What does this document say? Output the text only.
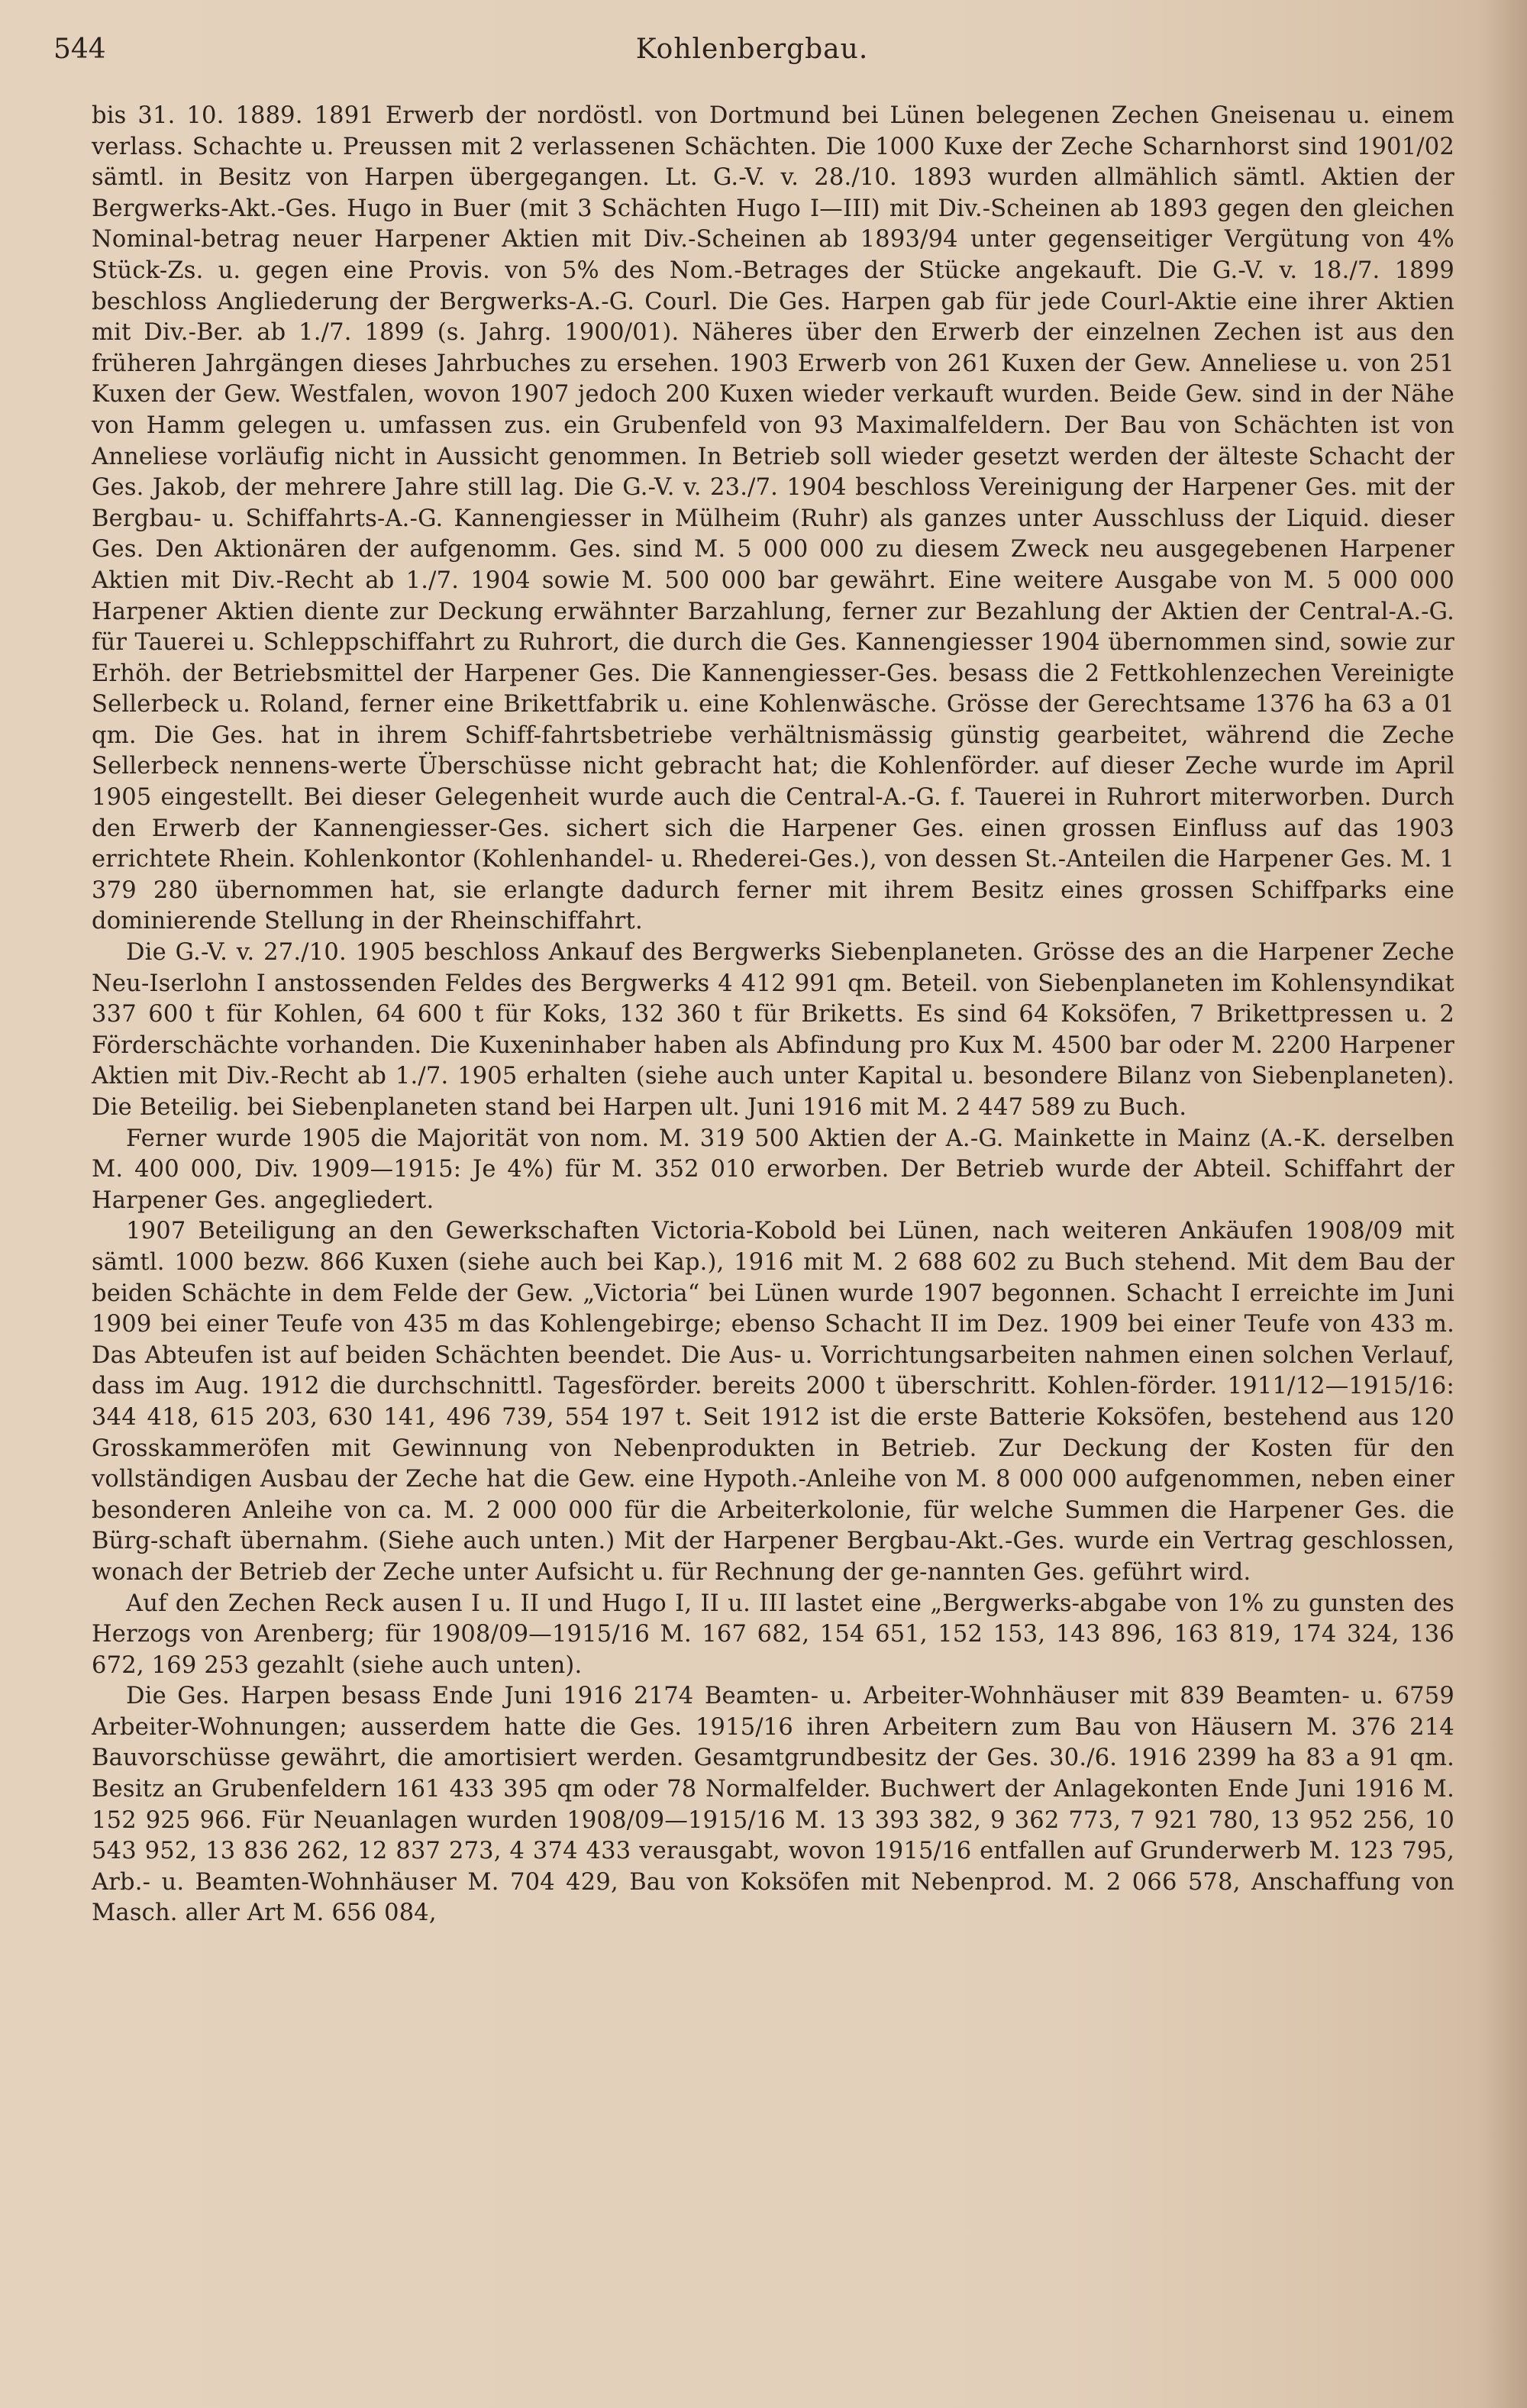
544	Kohlenbergbau.

bis 31. 10. 1889. 1891 Erwerb der nordöstl. von Dortmund bei Lünen belegenen Zechen Gneisenau u. einem verlass. Schachte u. Preussen mit 2 verlassenen Schächten. Die 1000 Kuxe der Zeche Scharnhorst sind 1901/02 sämtl. in Besitz von Harpen übergegangen. Lt. G.-V. v. 28./10. 1893 wurden allmählich sämtl. Aktien der Bergwerks-Akt.-Ges. Hugo in Buer (mit 3 Schächten Hugo I—III) mit Div.-Scheinen ab 1893 gegen den gleichen Nominal-betrag neuer Harpener Aktien mit Div.-Scheinen ab 1893/94 unter gegenseitiger Vergütung von 4% Stück-Zs. u. gegen eine Provis. von 5% des Nom.-Betrages der Stücke angekauft. Die G.-V. v. 18./7. 1899 beschloss Angliederung der Bergwerks-A.-G. Courl. Die Ges. Harpen gab für jede Courl-Aktie eine ihrer Aktien mit Div.-Ber. ab 1./7. 1899 (s. Jahrg. 1900/01). Näheres über den Erwerb der einzelnen Zechen ist aus den früheren Jahrgängen dieses Jahrbuches zu ersehen. 1903 Erwerb von 261 Kuxen der Gew. Anneliese u. von 251 Kuxen der Gew. Westfalen, wovon 1907 jedoch 200 Kuxen wieder verkauft wurden. Beide Gew. sind in der Nähe von Hamm gelegen u. umfassen zus. ein Grubenfeld von 93 Maximalfeldern. Der Bau von Schächten ist von Anneliese vorläufig nicht in Aussicht genommen. In Betrieb soll wieder gesetzt werden der älteste Schacht der Ges. Jakob, der mehrere Jahre still lag. Die G.-V. v. 23./7. 1904 beschloss Vereinigung der Harpener Ges. mit der Bergbau- u. Schiffahrts-A.-G. Kannengiesser in Mülheim (Ruhr) als ganzes unter Ausschluss der Liquid. dieser Ges. Den Aktionären der aufgenomm. Ges. sind M. 5 000 000 zu diesem Zweck neu ausgegebenen Harpener Aktien mit Div.-Recht ab 1./7. 1904 sowie M. 500 000 bar gewährt. Eine weitere Ausgabe von M. 5 000 000 Harpener Aktien diente zur Deckung erwähnter Barzahlung, ferner zur Bezahlung der Aktien der Central-A.-G. für Tauerei u. Schleppschiffahrt zu Ruhrort, die durch die Ges. Kannengiesser 1904 übernommen sind, sowie zur Erhöh. der Betriebsmittel der Harpener Ges. Die Kannengiesser-Ges. besass die 2 Fettkohlenzechen Vereinigte Sellerbeck u. Roland, ferner eine Brikettfabrik u. eine Kohlenwäsche. Grösse der Gerechtsame 1376 ha 63 a 01 qm. Die Ges. hat in ihrem Schiff-fahrtsbetriebe verhältnismässig günstig gearbeitet, während die Zeche Sellerbeck nennens-werte Überschüsse nicht gebracht hat; die Kohlenförder. auf dieser Zeche wurde im April 1905 eingestellt. Bei dieser Gelegenheit wurde auch die Central-A.-G. f. Tauerei in Ruhrort miterworben. Durch den Erwerb der Kannengiesser-Ges. sichert sich die Harpener Ges. einen grossen Einfluss auf das 1903 errichtete Rhein. Kohlenkontor (Kohlenhandel- u. Rhederei-Ges.), von dessen St.-Anteilen die Harpener Ges. M. 1 379 280 übernommen hat, sie erlangte dadurch ferner mit ihrem Besitz eines grossen Schiffparks eine dominierende Stellung in der Rheinschiffahrt.

Die G.-V. v. 27./10. 1905 beschloss Ankauf des Bergwerks Siebenplaneten. Grösse des an die Harpener Zeche Neu-Iserlohn I anstossenden Feldes des Bergwerks 4 412 991 qm. Beteil. von Siebenplaneten im Kohlensyndikat 337 600 t für Kohlen, 64 600 t für Koks, 132 360 t für Briketts. Es sind 64 Koksöfen, 7 Brikettpressen u. 2 Förderschächte vorhanden. Die Kuxeninhaber haben als Abfindung pro Kux M. 4500 bar oder M. 2200 Harpener Aktien mit Div.-Recht ab 1./7. 1905 erhalten (siehe auch unter Kapital u. besondere Bilanz von Siebenplaneten). Die Beteilig. bei Siebenplaneten stand bei Harpen ult. Juni 1916 mit M. 2 447 589 zu Buch.

Ferner wurde 1905 die Majorität von nom. M. 319 500 Aktien der A.-G. Mainkette in Mainz (A.-K. derselben M. 400 000, Div. 1909—1915: Je 4%) für M. 352 010 erworben. Der Betrieb wurde der Abteil. Schiffahrt der Harpener Ges. angegliedert.

1907 Beteiligung an den Gewerkschaften Victoria-Kobold bei Lünen, nach weiteren Ankäufen 1908/09 mit sämtl. 1000 bezw. 866 Kuxen (siehe auch bei Kap.), 1916 mit M. 2 688 602 zu Buch stehend. Mit dem Bau der beiden Schächte in dem Felde der Gew. „Victoria“ bei Lünen wurde 1907 begonnen. Schacht I erreichte im Juni 1909 bei einer Teufe von 435 m das Kohlengebirge; ebenso Schacht II im Dez. 1909 bei einer Teufe von 433 m. Das Abteufen ist auf beiden Schächten beendet. Die Aus- u. Vorrichtungsarbeiten nahmen einen solchen Verlauf, dass im Aug. 1912 die durchschnittl. Tagesförder. bereits 2000 t überschritt. Kohlen-förder. 1911/12—1915/16: 344 418, 615 203, 630 141, 496 739, 554 197 t. Seit 1912 ist die erste Batterie Koksöfen, bestehend aus 120 Grosskammeröfen mit Gewinnung von Nebenprodukten in Betrieb. Zur Deckung der Kosten für den vollständigen Ausbau der Zeche hat die Gew. eine Hypoth.-Anleihe von M. 8 000 000 aufgenommen, neben einer besonderen Anleihe von ca. M. 2 000 000 für die Arbeiterkolonie, für welche Summen die Harpener Ges. die Bürg-schaft übernahm. (Siehe auch unten.) Mit der Harpener Bergbau-Akt.-Ges. wurde ein Vertrag geschlossen, wonach der Betrieb der Zeche unter Aufsicht u. für Rechnung der ge-nannten Ges. geführt wird.

Auf den Zechen Reck ausen I u. II und Hugo I, II u. III lastet eine „Bergwerks-abgabe von 1% zu gunsten des Herzogs von Arenberg; für 1908/09—1915/16 M. 167 682, 154 651, 152 153, 143 896, 163 819, 174 324, 136 672, 169 253 gezahlt (siehe auch unten).

Die Ges. Harpen besass Ende Juni 1916 2174 Beamten- u. Arbeiter-Wohnhäuser mit 839 Beamten- u. 6759 Arbeiter-Wohnungen; ausserdem hatte die Ges. 1915/16 ihren Arbeitern zum Bau von Häusern M. 376 214 Bauvorschüsse gewährt, die amortisiert werden. Gesamtgrundbesitz der Ges. 30./6. 1916 2399 ha 83 a 91 qm. Besitz an Grubenfeldern 161 433 395 qm oder 78 Normalfelder. Buchwert der Anlagekonten Ende Juni 1916 M. 152 925 966. Für Neuanlagen wurden 1908/09—1915/16 M. 13 393 382, 9 362 773, 7 921 780, 13 952 256, 10 543 952, 13 836 262, 12 837 273, 4 374 433 verausgabt, wovon 1915/16 entfallen auf Grunderwerb M. 123 795, Arb.- u. Beamten-Wohnhäuser M. 704 429, Bau von Koksöfen mit Nebenprod. M. 2 066 578, Anschaffung von Masch. aller Art M. 656 084,
